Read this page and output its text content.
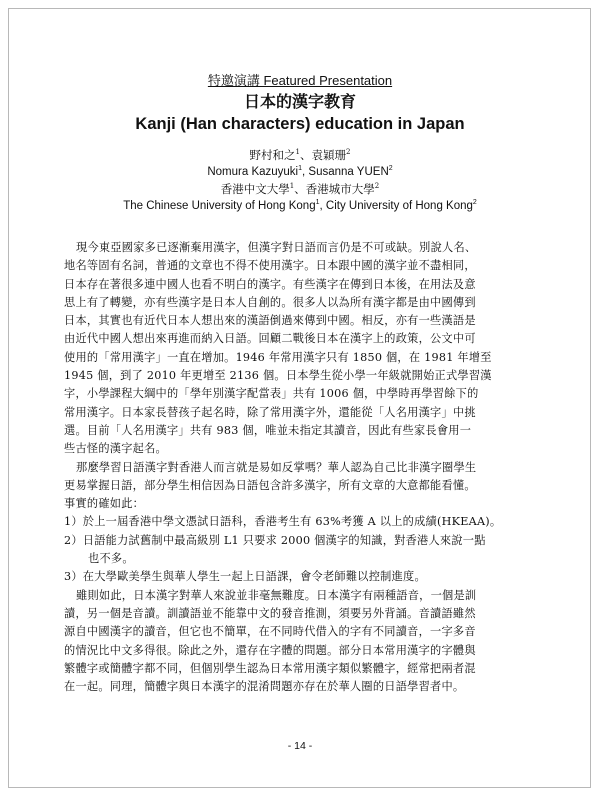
特邀演講 Featured Presentation
日本的漢字教育
Kanji (Han characters) education in Japan
野村和之$^1$、袁穎珊$^2$
Nomura Kazuyuki$^1$, Susanna YUEN$^2$
香港中文大學$^1$、香港城市大學$^2$
The Chinese University of Hong Kong$^1$, City University of Hong Kong$^2$
現今東亞國家多已逐漸棄用漢字，但漢字對日語而言仍是不可或缺。別說人名、
地名等固有名詞，普通的文章也不得不使用漢字。日本跟中國的漢字並不盡相同，
日本存在著很多連中國人也看不明白的漢字。有些漢字在傳到日本後，在用法及意
思上有了轉變，亦有些漢字是日本人自創的。很多人以為所有漢字都是由中國傳到
日本，其實也有近代日本人想出來的漢語倒過來傳到中國。相反，亦有一些漢語是
由近代中國人想出來再進而納入日語。回顧二戰後日本在漢字上的政策，公文中可
使用的「常用漢字」一直在增加。1946 年常用漢字只有 1850 個，在 1981 年增至
1945 個，到了 2010 年更增至 2136 個。日本學生從小學一年級就開始正式學習漢
字，小學課程大綱中的「學年別漢字配當表」共有 1006 個，中學時再學習餘下的
常用漢字。日本家長替孩子起名時，除了常用漢字外，還能從「人名用漢字」中挑
選。目前「人名用漢字」共有 983 個，唯並未指定其讀音，因此有些家長會用一
些古怪的漢字起名。
那麼學習日語漢字對香港人而言就是易如反掌嗎？華人認為自己比非漢字圈學生
更易掌握日語，部分學生相信因為日語包含許多漢字，所有文章的大意都能看懂。
事實的確如此：
1）於上一屆香港中學文憑試日語科，香港考生有 63%考獲 A 以上的成績(HKEAA)。
2）日語能力試舊制中最高級別 L1 只要求 2000 個漢字的知識，對香港人來說一點
也不多。
3）在大學歐美學生與華人學生一起上日語課，會令老師難以控制進度。
雖則如此，日本漢字對華人來說並非毫無難度。日本漢字有兩種語音，一個是訓
讀，另一個是音讀。訓讀語並不能靠中文的發音推測，須要另外背誦。音讀語雖然
源自中國漢字的讀音，但它也不簡單，在不同時代借入的字有不同讀音，一字多音
的情況比中文多得很。除此之外，還存在字體的問題。部分日本常用漢字的字體與
繁體字或簡體字都不同，但個別學生認為日本常用漢字類似繁體字，經常把兩者混
在一起。同理，簡體字與日本漢字的混淆問題亦存在於華人圈的日語學習者中。
- 14 -
